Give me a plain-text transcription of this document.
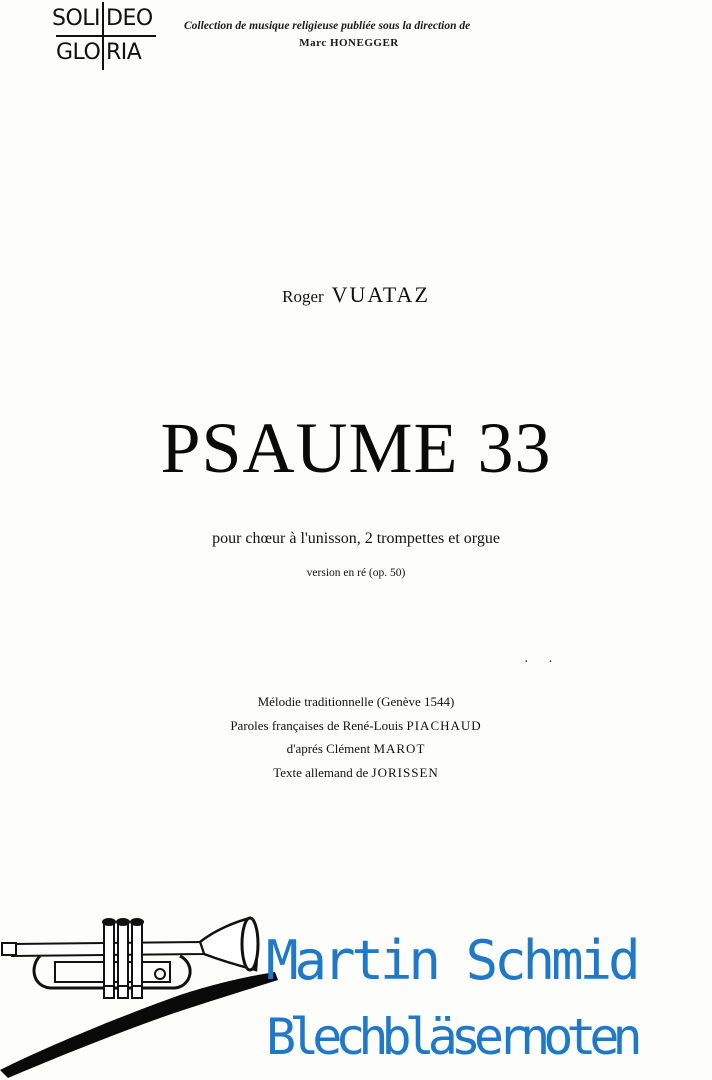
SOLI DEO
GLO RIA
Collection de musique religieuse publiée sous la direction de
Marc HONEGGER
Roger VUATAZ
PSAUME 33
pour chœur à l'unisson, 2 trompettes et orgue
version en ré (op. 50)
· ·
Mélodie traditionnelle (Genève 1544)
Paroles françaises de René-Louis PIACHAUD
d'aprés Clément MAROT
Texte allemand de JORISSEN
Martin Schmid
Blechbläsernoten
